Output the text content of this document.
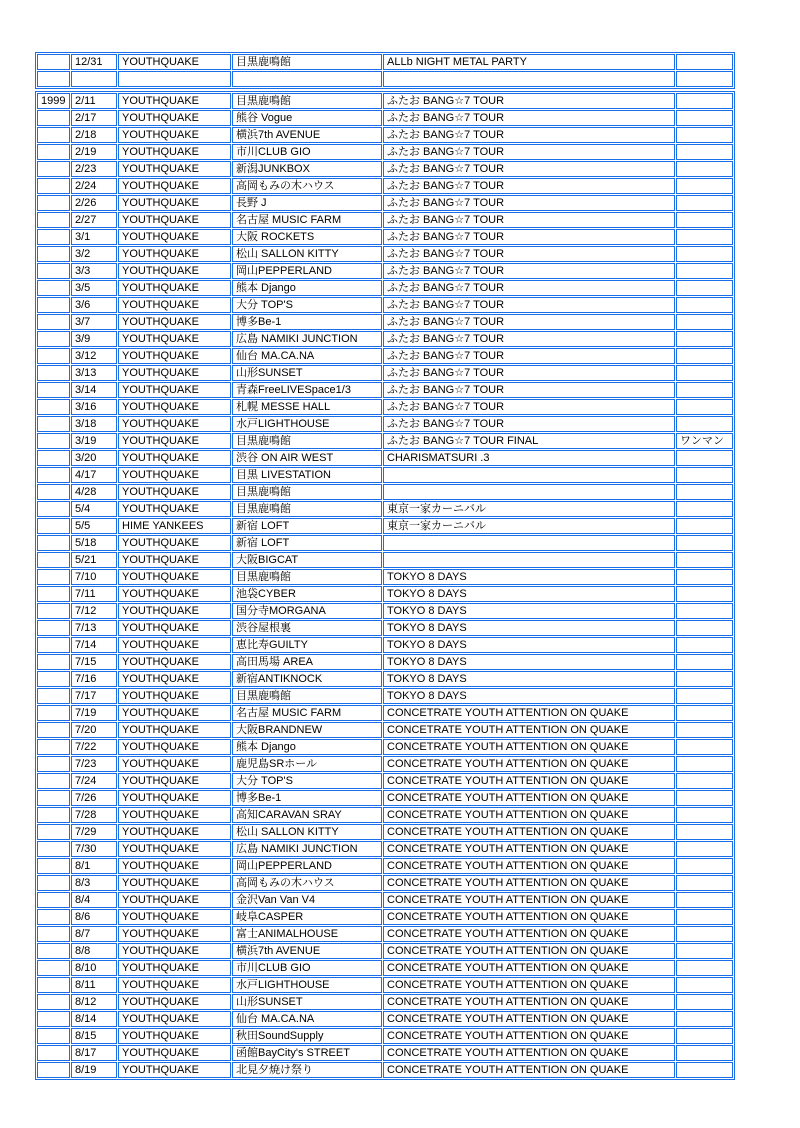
	12/31	YOUTHQUAKE	目黒鹿鳴館	ALLb NIGHT METAL PARTY	

1999	2/11	YOUTHQUAKE	目黒鹿鳴館	ふたお BANG☆7 TOUR	

	2/17	YOUTHQUAKE	熊谷 Vogue	ふたお BANG☆7 TOUR	

	2/18	YOUTHQUAKE	横浜7th AVENUE	ふたお BANG☆7 TOUR	

	2/19	YOUTHQUAKE	市川CLUB GIO	ふたお BANG☆7 TOUR	

	2/23	YOUTHQUAKE	新潟JUNKBOX	ふたお BANG☆7 TOUR	

	2/24	YOUTHQUAKE	高岡もみの木ハウス	ふたお BANG☆7 TOUR	

	2/26	YOUTHQUAKE	長野 J	ふたお BANG☆7 TOUR	

	2/27	YOUTHQUAKE	名古屋 MUSIC FARM	ふたお BANG☆7 TOUR	

	3/1	YOUTHQUAKE	大阪 ROCKETS	ふたお BANG☆7 TOUR	

	3/2	YOUTHQUAKE	松山 SALLON KITTY	ふたお BANG☆7 TOUR	

	3/3	YOUTHQUAKE	岡山PEPPERLAND	ふたお BANG☆7 TOUR	

	3/5	YOUTHQUAKE	熊本 Django	ふたお BANG☆7 TOUR	

	3/6	YOUTHQUAKE	大分 TOP'S	ふたお BANG☆7 TOUR	

	3/7	YOUTHQUAKE	博多Be-1	ふたお BANG☆7 TOUR	

	3/9	YOUTHQUAKE	広島 NAMIKI JUNCTION	ふたお BANG☆7 TOUR	

	3/12	YOUTHQUAKE	仙台 MA.CA.NA	ふたお BANG☆7 TOUR	

	3/13	YOUTHQUAKE	山形SUNSET	ふたお BANG☆7 TOUR	

	3/14	YOUTHQUAKE	青森FreeLIVESpace1/3	ふたお BANG☆7 TOUR	

	3/16	YOUTHQUAKE	札幌 MESSE HALL	ふたお BANG☆7 TOUR	

	3/18	YOUTHQUAKE	水戸LIGHTHOUSE	ふたお BANG☆7 TOUR	

	3/19	YOUTHQUAKE	目黒鹿鳴館	ふたお BANG☆7 TOUR FINAL	ワンマン

	3/20	YOUTHQUAKE	渋谷 ON AIR WEST	CHARISMATSURI .3	

	4/17	YOUTHQUAKE	目黒 LIVESTATION		

	4/28	YOUTHQUAKE	目黒鹿鳴館		

	5/4	YOUTHQUAKE	目黒鹿鳴館	東京一家カーニバル	

	5/5	HIME YANKEES	新宿 LOFT	東京一家カーニバル	

	5/18	YOUTHQUAKE	新宿 LOFT		

	5/21	YOUTHQUAKE	大阪BIGCAT		

	7/10	YOUTHQUAKE	目黒鹿鳴館	TOKYO 8 DAYS	

	7/11	YOUTHQUAKE	池袋CYBER	TOKYO 8 DAYS	

	7/12	YOUTHQUAKE	国分寺MORGANA	TOKYO 8 DAYS	

	7/13	YOUTHQUAKE	渋谷屋根裏	TOKYO 8 DAYS	

	7/14	YOUTHQUAKE	恵比寿GUILTY	TOKYO 8 DAYS	

	7/15	YOUTHQUAKE	高田馬場 AREA	TOKYO 8 DAYS	

	7/16	YOUTHQUAKE	新宿ANTIKNOCK	TOKYO 8 DAYS	

	7/17	YOUTHQUAKE	目黒鹿鳴館	TOKYO 8 DAYS	

	7/19	YOUTHQUAKE	名古屋 MUSIC FARM	CONCETRATE YOUTH ATTENTION ON QUAKE	

	7/20	YOUTHQUAKE	大阪BRANDNEW	CONCETRATE YOUTH ATTENTION ON QUAKE	

	7/22	YOUTHQUAKE	熊本 Django	CONCETRATE YOUTH ATTENTION ON QUAKE	

	7/23	YOUTHQUAKE	鹿児島SRホール	CONCETRATE YOUTH ATTENTION ON QUAKE	

	7/24	YOUTHQUAKE	大分 TOP'S	CONCETRATE YOUTH ATTENTION ON QUAKE	

	7/26	YOUTHQUAKE	博多Be-1	CONCETRATE YOUTH ATTENTION ON QUAKE	

	7/28	YOUTHQUAKE	高知CARAVAN SRAY	CONCETRATE YOUTH ATTENTION ON QUAKE	

	7/29	YOUTHQUAKE	松山 SALLON KITTY	CONCETRATE YOUTH ATTENTION ON QUAKE	

	7/30	YOUTHQUAKE	広島 NAMIKI JUNCTION	CONCETRATE YOUTH ATTENTION ON QUAKE	

	8/1	YOUTHQUAKE	岡山PEPPERLAND	CONCETRATE YOUTH ATTENTION ON QUAKE	

	8/3	YOUTHQUAKE	高岡もみの木ハウス	CONCETRATE YOUTH ATTENTION ON QUAKE	

	8/4	YOUTHQUAKE	金沢Van Van V4	CONCETRATE YOUTH ATTENTION ON QUAKE	

	8/6	YOUTHQUAKE	岐阜CASPER	CONCETRATE YOUTH ATTENTION ON QUAKE	

	8/7	YOUTHQUAKE	富士ANIMALHOUSE	CONCETRATE YOUTH ATTENTION ON QUAKE	

	8/8	YOUTHQUAKE	横浜7th AVENUE	CONCETRATE YOUTH ATTENTION ON QUAKE	

	8/10	YOUTHQUAKE	市川CLUB GIO	CONCETRATE YOUTH ATTENTION ON QUAKE	

	8/11	YOUTHQUAKE	水戸LIGHTHOUSE	CONCETRATE YOUTH ATTENTION ON QUAKE	

	8/12	YOUTHQUAKE	山形SUNSET	CONCETRATE YOUTH ATTENTION ON QUAKE	

	8/14	YOUTHQUAKE	仙台 MA.CA.NA	CONCETRATE YOUTH ATTENTION ON QUAKE	

	8/15	YOUTHQUAKE	秋田SoundSupply	CONCETRATE YOUTH ATTENTION ON QUAKE	

	8/17	YOUTHQUAKE	函館BayCity's STREET	CONCETRATE YOUTH ATTENTION ON QUAKE	

	8/19	YOUTHQUAKE	北見夕焼け祭り	CONCETRATE YOUTH ATTENTION ON QUAKE	
